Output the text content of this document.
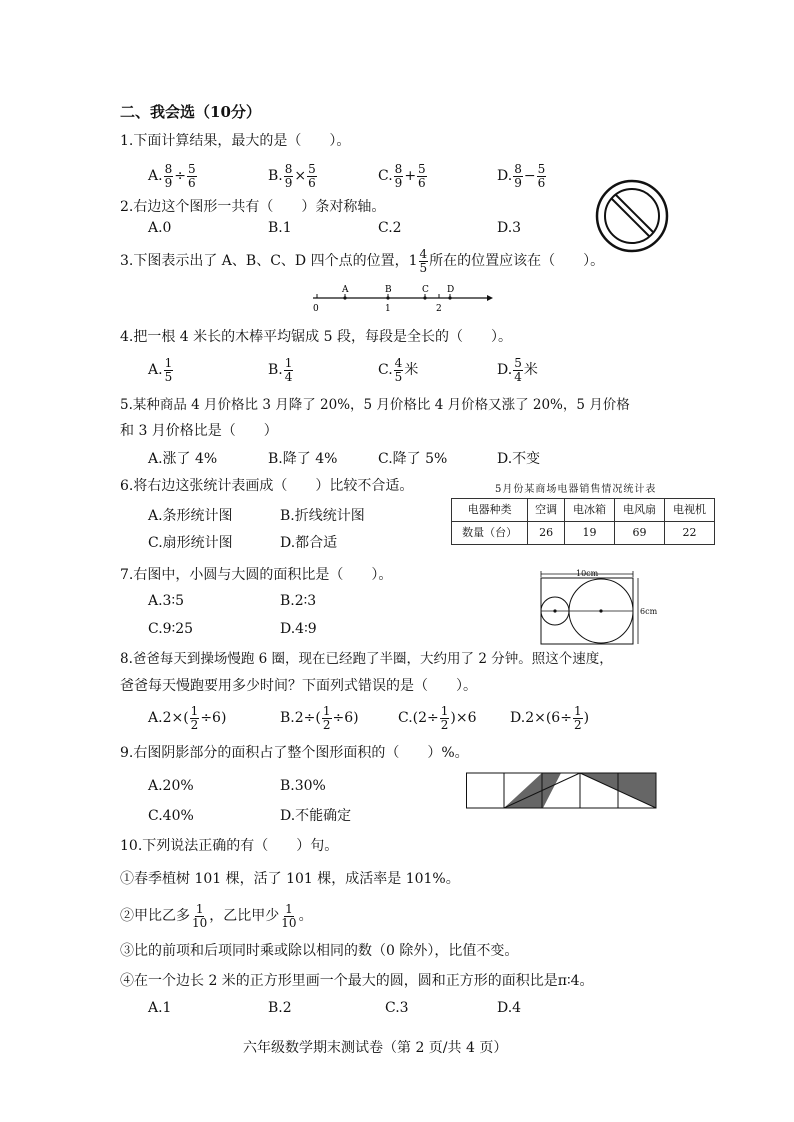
二、我会选（10分）
1.下面计算结果，最大的是（　　）。
A. $\frac{8}{9} \div \frac{5}{6}$	B. $\frac{8}{9} \times \frac{5}{6}$	C. $\frac{8}{9} + \frac{5}{6}$	D. $\frac{8}{9} - \frac{5}{6}$
2.右边这个图形一共有（　　）条对称轴。
A.0	B.1	C.2	D.3
3.下图表示出了 A、B、C、D 四个点的位置， $1 \frac{4}{5}$ 所在的位置应该在（　　）。
A	B	C D
0	1	2
4.把一根 4 米长的木棒平均锯成 5 段，每段是全长的（　　）。
A. $\frac{1}{5}$	B. $\frac{1}{4}$	C. $\frac{4}{5}$ 米	D. $\frac{5}{4}$ 米
5.某种商品 4 月价格比 3 月降了 20%，5 月价格比 4 月价格又涨了 20%，5 月价格
和 3 月价格比是（　　）
A.涨了 4%	B.降了 4%	C.降了 5%	D.不变
6.将右边这张统计表画成（　　）比较不合适。
A.条形统计图	B.折线统计图
C.扇形统计图	D.都合适
5月份某商场电器销售情况统计表
电器种类	空调	电冰箱	电风扇	电视机
数量（台）	26	19	69	22
7.右图中，小圆与大圆的面积比是（　　）。
A.3∶5	B.2∶3
C.9∶25	D.4∶9
10cm
6cm
8.爸爸每天到操场慢跑 6 圈，现在已经跑了半圈，大约用了 2 分钟。照这个速度，
爸爸每天慢跑要用多少时间？下面列式错误的是（　　）。
A. $2\times( \frac{1}{2} \div 6)$	B. $2\div( \frac{1}{2} \div 6)$	C. $(2\div \frac{1}{2} )\times 6$ D. $2\times(6\div \frac{1}{2}$ )
9.右图阴影部分的面积占了整个图形面积的（　　）%。
A.20%	B.30%
C.40%	D.不能确定
10.下列说法正确的有（　　）句。
①春季植树 101 棵，活了 101 棵，成活率是 101%。
②甲比乙多 $\frac{1}{10}$ ，乙比甲少 $\frac{1}{10}$ 。
③比的前项和后项同时乘或除以相同的数（0 除外），比值不变。
④在一个边长 2 米的正方形里画一个最大的圆，圆和正方形的面积比是π∶4。
A.1	B.2	C.3	D.4
六年级数学期末测试卷（第 2 页/共 4 页）
